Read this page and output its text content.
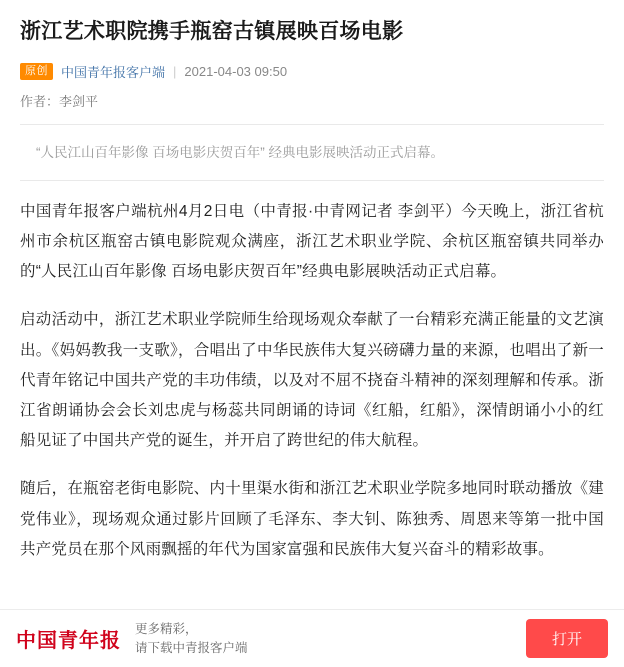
浙江艺术职院携手瓶窑古镇展映百场电影
原创	中国青年报客户端 | 2021-04-03 09:50
作者：李剑平
“人民江山百年影像 百场电影庆贺百年” 经典电影展映活动正式启幕。

中国青年报客户端杭州4月2日电（中青报·中青网记者 李剑平）今天晚上，浙江省杭州市余杭区瓶窑古镇电影院观众满座，浙江艺术职业学院、余杭区瓶窑镇共同举办的“人民江山百年影像 百场电影庆贺百年”经典电影展映活动正式启幕。

启动活动中，浙江艺术职业学院师生给现场观众奉献了一台精彩充满正能量的文艺演出。《妈妈教我一支歌》，合唱出了中华民族伟大复兴磅礴力量的来源，也唱出了新一代青年铭记中国共产党的丰功伟绩，以及对不屈不挠奋斗精神的深刻理解和传承。浙江省朗诵协会会长刘忠虎与杨蕊共同朗诵的诗词《红船，红船》，深情朗诵小小的红船见证了中国共产党的诞生，并开启了跨世纪的伟大航程。

随后，在瓶窑老街电影院、内十里渠水街和浙江艺术职业学院多地同时联动播放《建党伟业》，现场观众通过影片回顾了毛泽东、李大钊、陈独秀、周恩来等第一批中国共产党员在那个风雨飘摇的年代为国家富强和民族伟大复兴奋斗的精彩故事。

中国青年报 更多精彩，
请下载中青报客户端	打开
